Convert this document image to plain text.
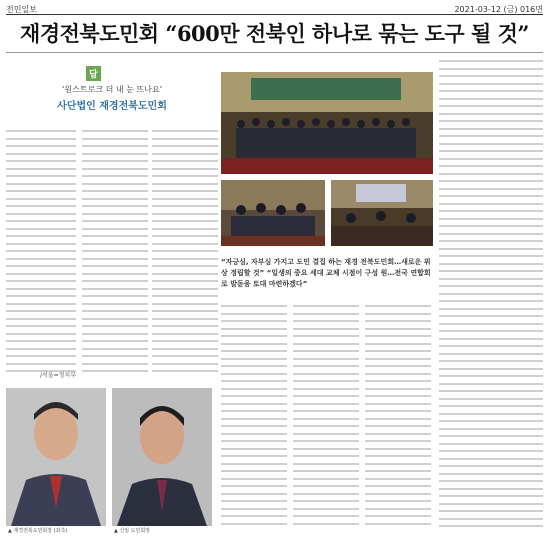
전민일보	2021-03-12 (금) 016면
재경전북도민회 “600만 전북인 하나로 묶는 도구 될 것”
답
‘원스트로크 더 내 눈 뜨나요’
사단법인 재경전북도민회
/서울=정치부
“자긍심, 자부심 가지고 도민 결집 하는 재경 전북도민회…새로운 위상 정립할 것” “일생의 중요 세대 교체 시점이 구성 원…전국 연합회로 발돋움 토대 마련하겠다”
▲ 재경전북도민회장 (좌측)	▲ 신임 도민회장
